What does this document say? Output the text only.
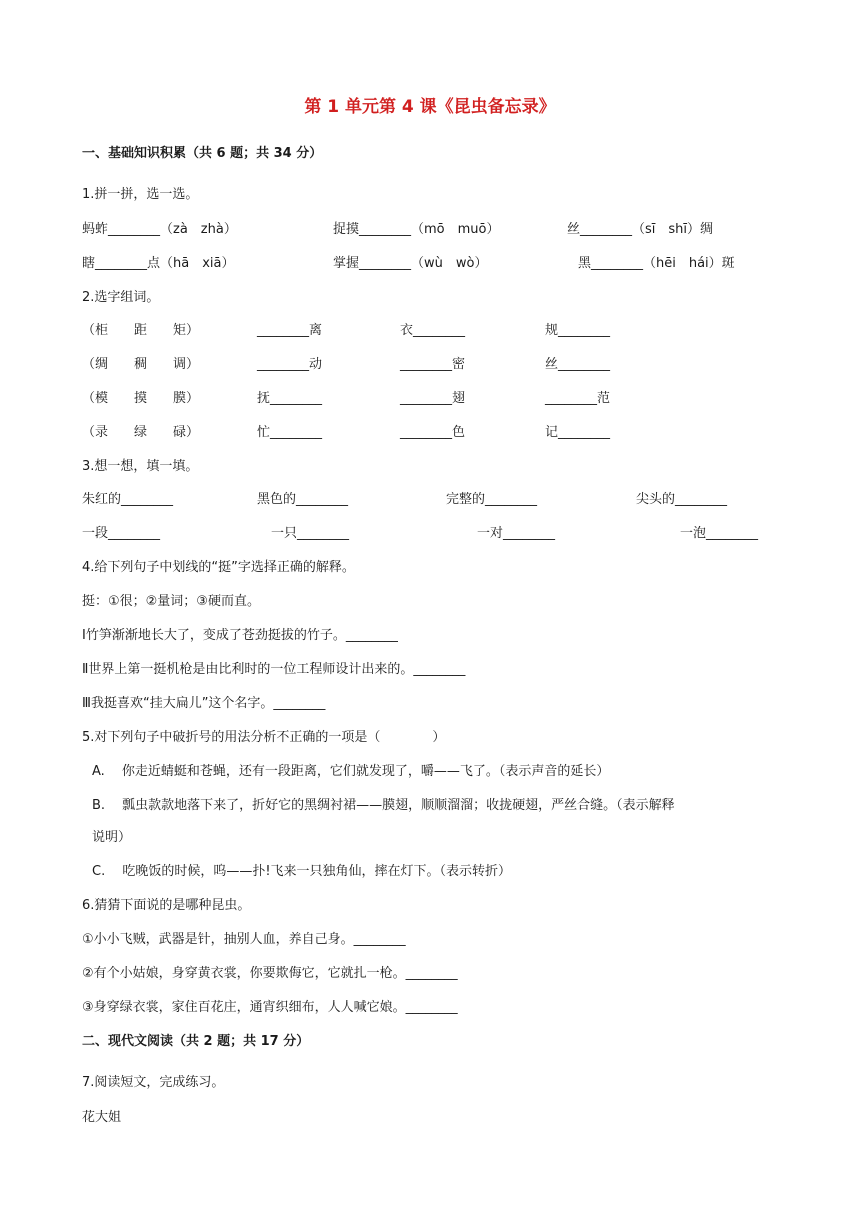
第 1 单元第 4 课《昆虫备忘录》
一、基础知识积累（共 6 题；共 34 分）
1.拼一拼，选一选。
蚂蚱________（zà　zhà）	捉摸________（mō　muō）	丝________（sī　shī）绸
瞎________点（hā　xiā）	掌握________（wù　wò）	黑________（hēi　hái）斑
2.选字组词。
（柜　　距　　矩）	________离	衣________	规________
（绸　　稠　　调）	________动	________密	丝________
（模　　摸　　膜）	抚________	________翅	________范
（录　　绿　　碌）	忙________	________色	记________
3.想一想，填一填。
朱红的________	黑色的________	完整的________	尖头的________
一段________	一只________	一对________	一泡________
4.给下列句子中划线的“挺”字选择正确的解释。
挺：①很；②量词；③硬而直。
Ⅰ竹笋渐渐地长大了，变成了苍劲挺拔的竹子。________
Ⅱ世界上第一挺机枪是由比利时的一位工程师设计出来的。________
Ⅲ我挺喜欢“挂大扁儿”这个名字。________
5.对下列句子中破折号的用法分析不正确的一项是（　　　　）
A.　 你走近蜻蜓和苍蝇，还有一段距离，它们就发现了，嚼——飞了。（表示声音的延长）
B.　 瓢虫款款地落下来了，折好它的黑绸衬裙——膜翅，顺顺溜溜；收拢硬翅，严丝合缝。（表示解释
说明）
C.　 吃晚饭的时候，呜——扑!飞来一只独角仙，摔在灯下。（表示转折）
6.猜猜下面说的是哪种昆虫。
①小小飞贼，武器是针，抽别人血，养自己身。________
②有个小姑娘，身穿黄衣裳，你要欺侮它，它就扎一枪。________
③身穿绿衣裳，家住百花庄，通宵织细布，人人喊它娘。________
二、现代文阅读（共 2 题；共 17 分）
7.阅读短文，完成练习。
花大姐
